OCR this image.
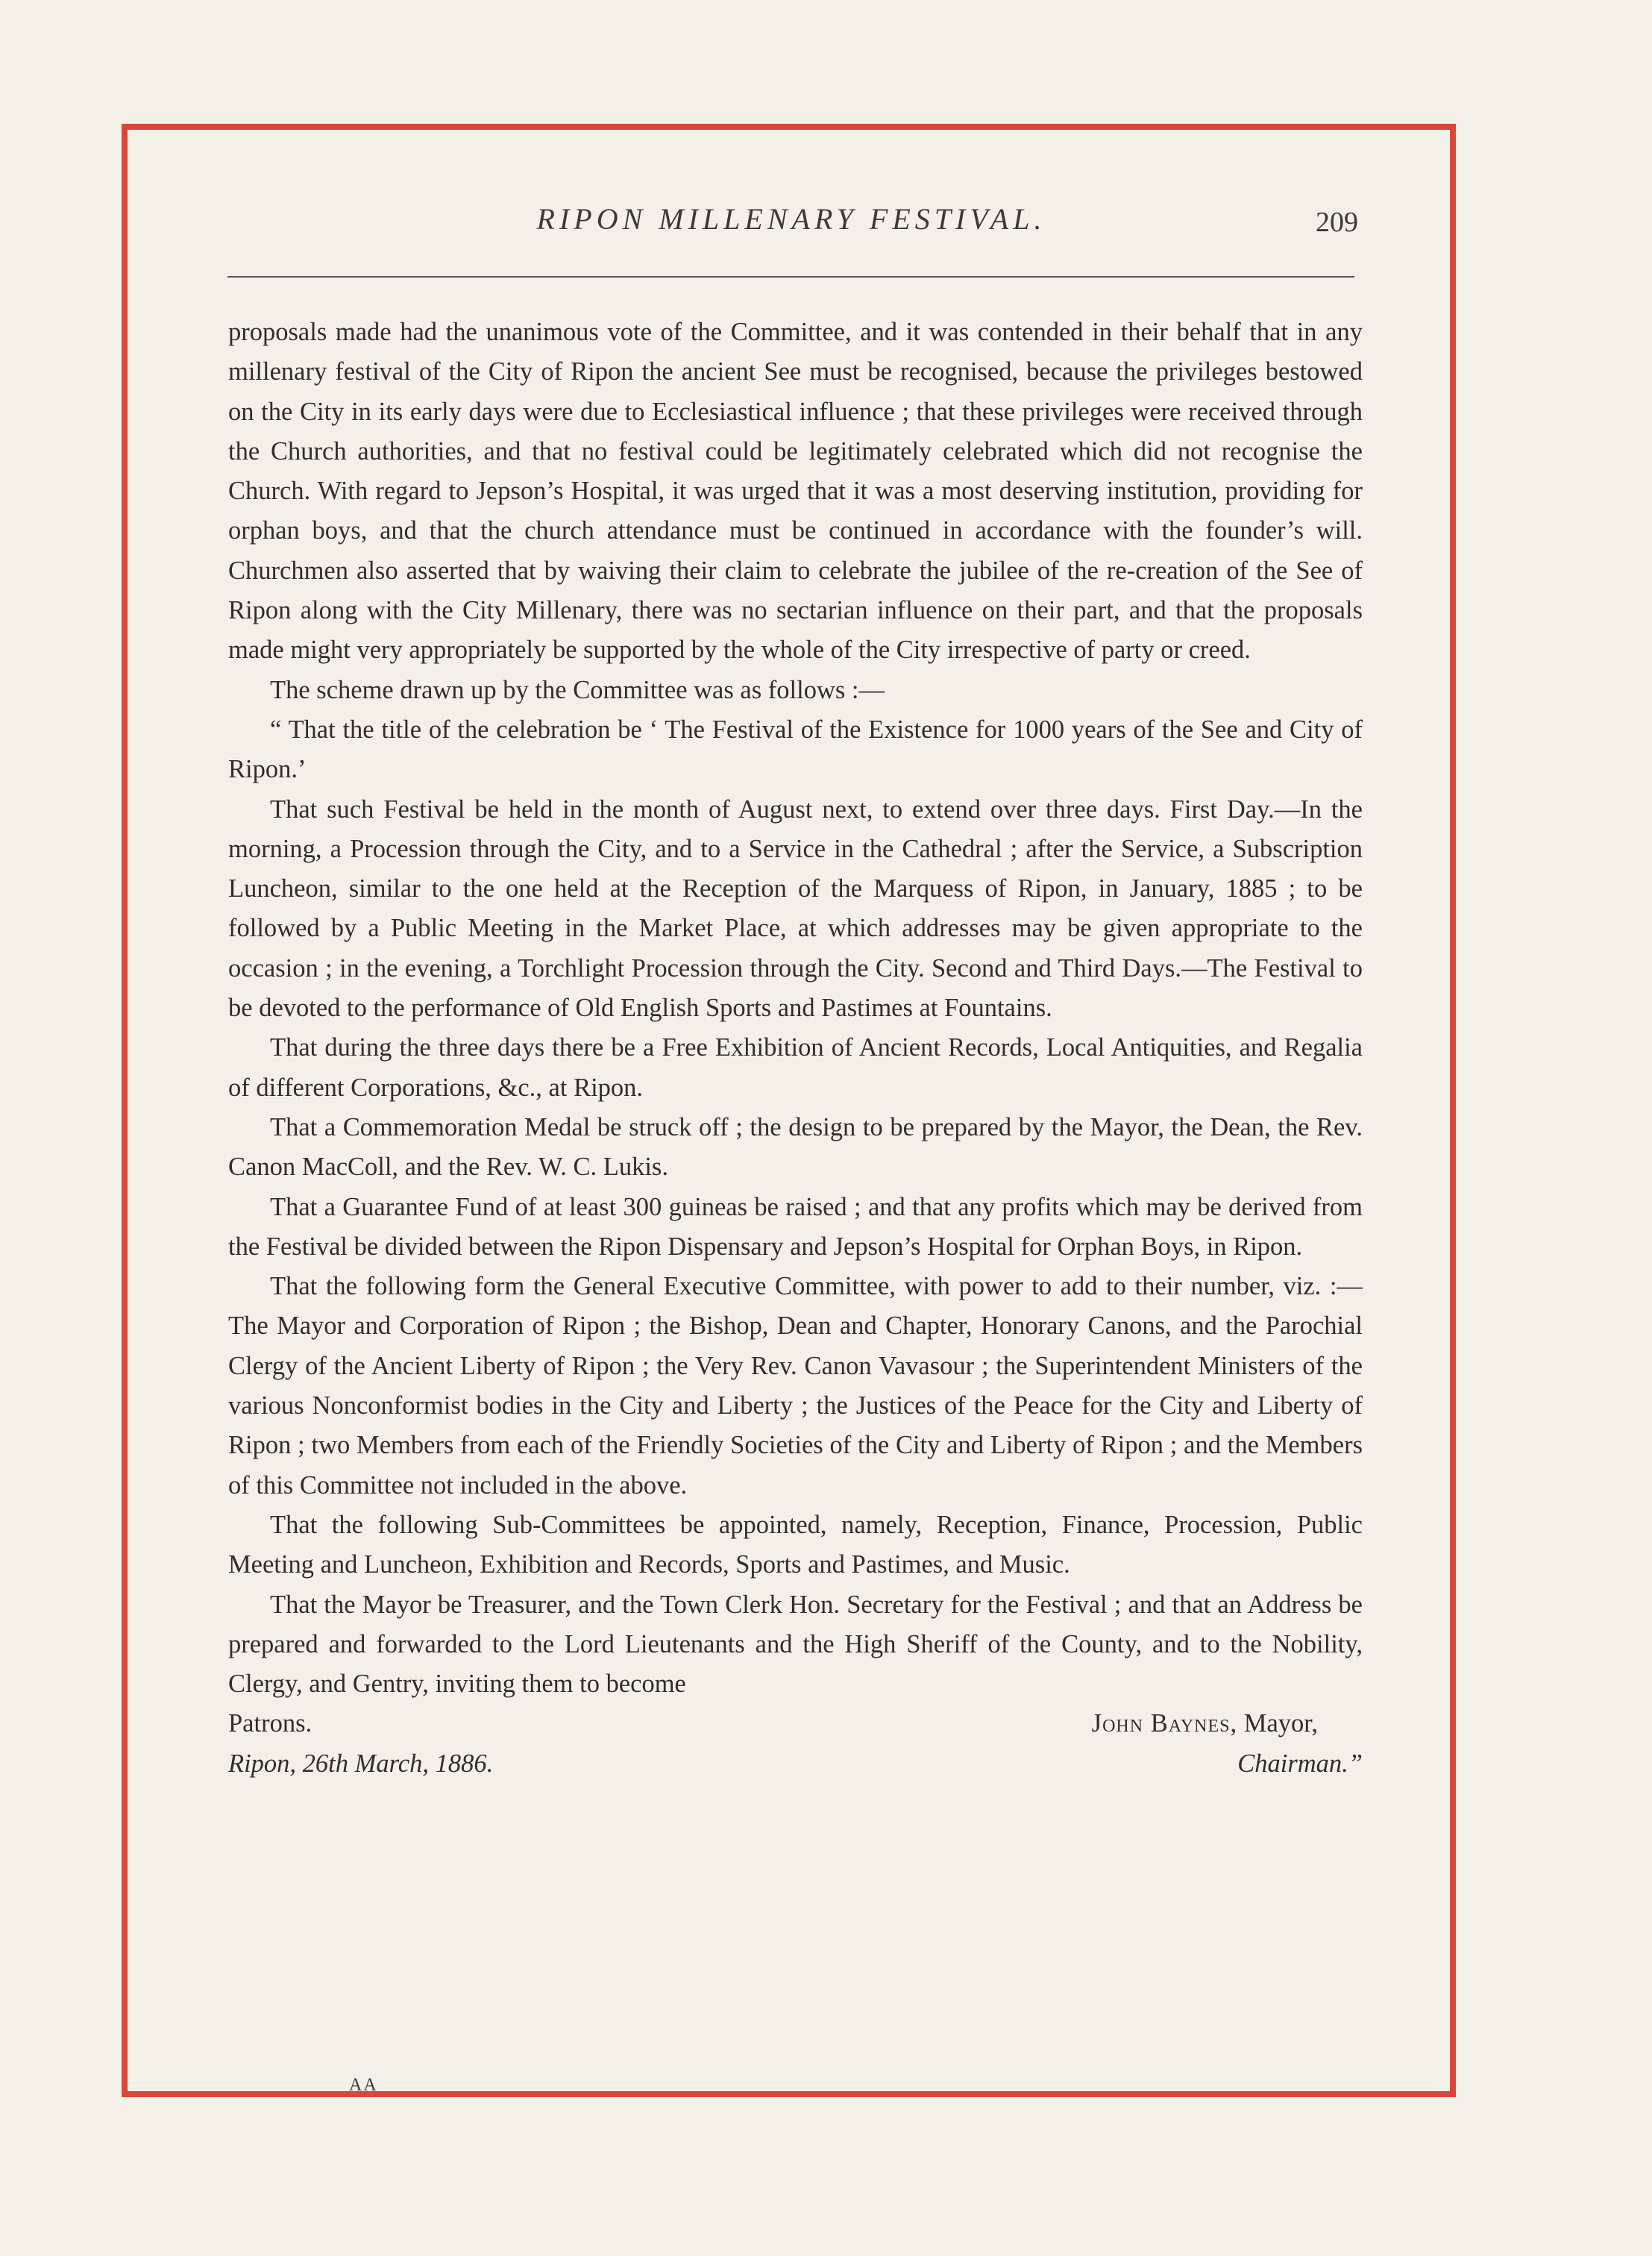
RIPON MILLENARY FESTIVAL.	209

proposals made had the unanimous vote of the Committee, and it was contended in their behalf that in any millenary festival of the City of Ripon the ancient See must be recognised, because the privileges bestowed on the City in its early days were due to Ecclesiastical influence ; that these privileges were received through the Church authorities, and that no festival could be legitimately celebrated which did not recognise the Church. With regard to Jepson’s Hospital, it was urged that it was a most deserving institution, providing for orphan boys, and that the church attendance must be continued in accordance with the founder’s will. Churchmen also asserted that by waiving their claim to celebrate the jubilee of the re-creation of the See of Ripon along with the City Millenary, there was no sectarian influence on their part, and that the proposals made might very appropriately be supported by the whole of the City irrespective of party or creed.

The scheme drawn up by the Committee was as follows :—

“ That the title of the celebration be ‘ The Festival of the Existence for 1000 years of the See and City of Ripon.’

That such Festival be held in the month of August next, to extend over three days. First Day.—In the morning, a Procession through the City, and to a Service in the Cathedral ; after the Service, a Subscription Luncheon, similar to the one held at the Reception of the Marquess of Ripon, in January, 1885 ; to be followed by a Public Meeting in the Market Place, at which addresses may be given appropriate to the occasion ; in the evening, a Torchlight Procession through the City. Second and Third Days.—The Festival to be devoted to the performance of Old English Sports and Pastimes at Fountains.

That during the three days there be a Free Exhibition of Ancient Records, Local Antiquities, and Regalia of different Corporations, &c., at Ripon.

That a Commemoration Medal be struck off ; the design to be prepared by the Mayor, the Dean, the Rev. Canon MacColl, and the Rev. W. C. Lukis.

That a Guarantee Fund of at least 300 guineas be raised ; and that any profits which may be derived from the Festival be divided between the Ripon Dispensary and Jepson’s Hospital for Orphan Boys, in Ripon.

That the following form the General Executive Committee, with power to add to their number, viz. :—The Mayor and Corporation of Ripon ; the Bishop, Dean and Chapter, Honorary Canons, and the Parochial Clergy of the Ancient Liberty of Ripon ; the Very Rev. Canon Vavasour ; the Superintendent Ministers of the various Nonconformist bodies in the City and Liberty ; the Justices of the Peace for the City and Liberty of Ripon ; two Members from each of the Friendly Societies of the City and Liberty of Ripon ; and the Members of this Committee not included in the above.

That the following Sub-Committees be appointed, namely, Reception, Finance, Procession, Public Meeting and Luncheon, Exhibition and Records, Sports and Pastimes, and Music.

That the Mayor be Treasurer, and the Town Clerk Hon. Secretary for the Festival ; and that an Address be prepared and forwarded to the Lord Lieutenants and the High Sheriff of the County, and to the Nobility, Clergy, and Gentry, inviting them to become

Patrons.	John Baynes, Mayor,
Ripon, 26th March, 1886.	Chairman.”
AA
